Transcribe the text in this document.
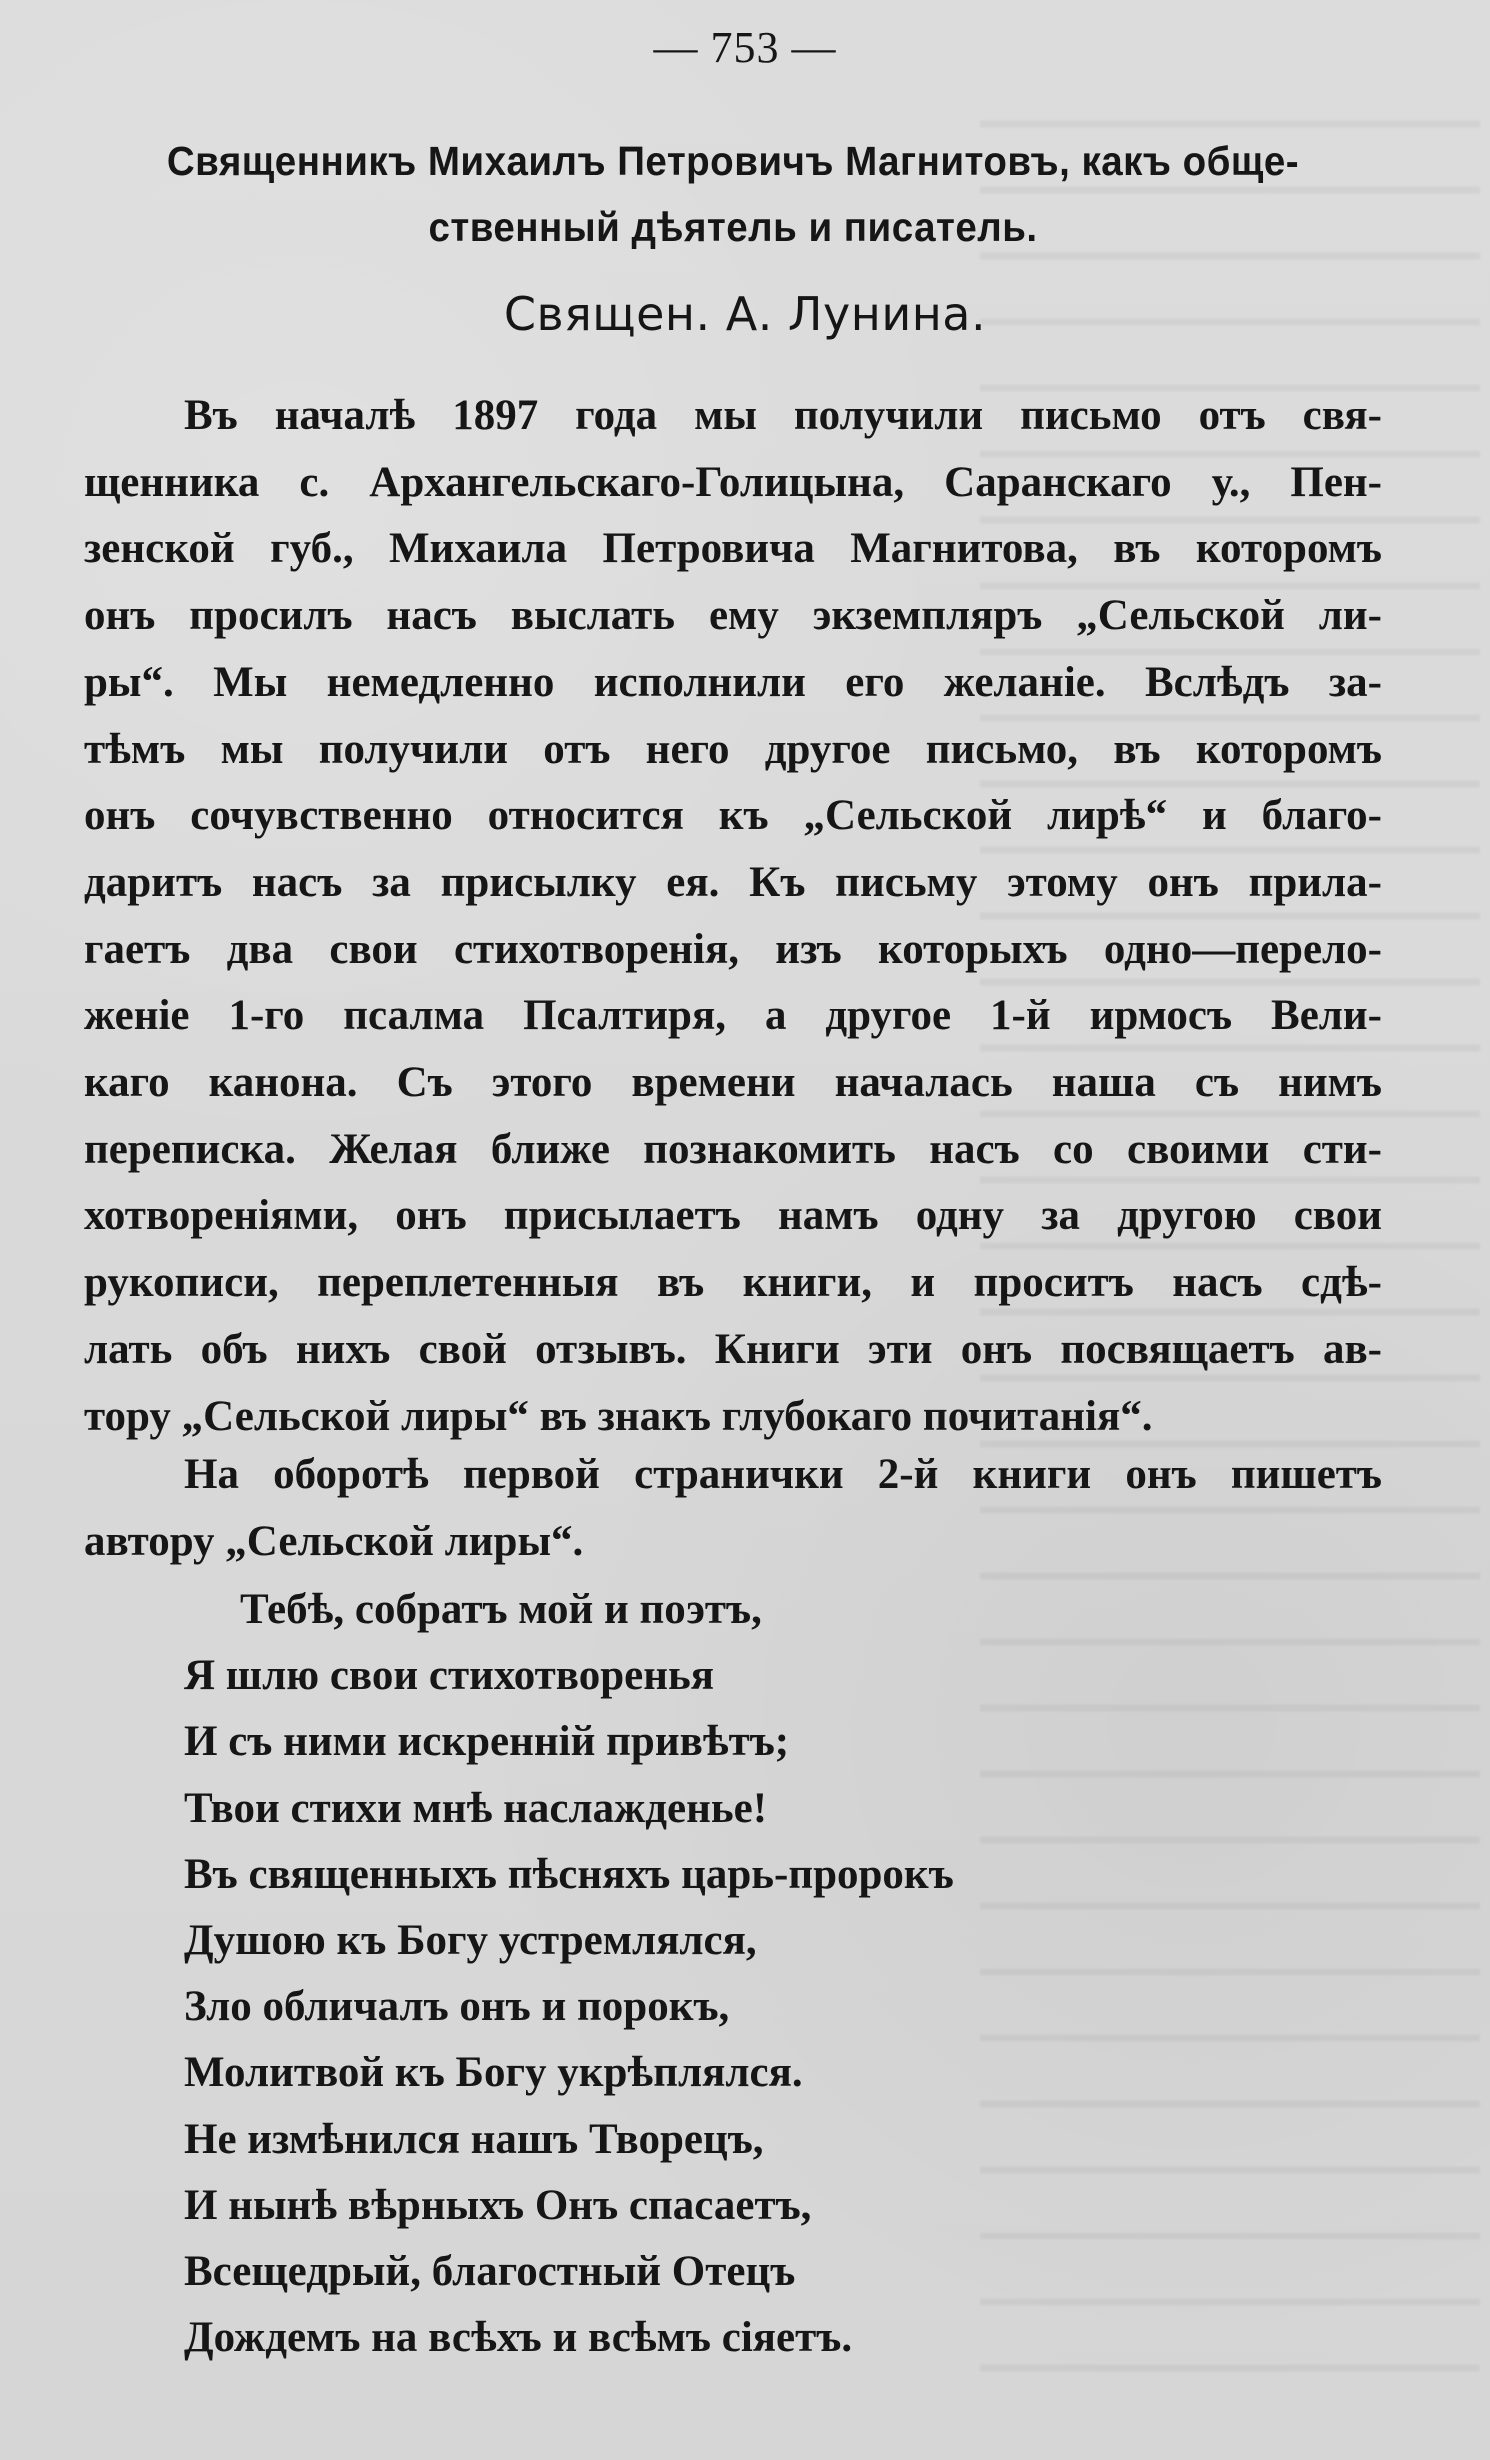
— 753 —
Священникъ Михаилъ Петровичъ Магнитовъ, какъ обще-
ственный дѣятель и писатель.
Священ. А. Лунина.
Въ началѣ 1897 года мы получили письмо отъ свя-
щенника с. Архангельскаго-Голицына, Саранскаго у., Пен-
зенской губ., Михаила Петровича Магнитова, въ которомъ
онъ просилъ насъ выслать ему экземпляръ „Сельской ли-
ры“. Мы немедленно исполнили его желаніе. Вслѣдъ за-
тѣмъ мы получили отъ него другое письмо, въ которомъ
онъ сочувственно относится къ „Сельской лирѣ“ и благо-
даритъ насъ за присылку ея. Къ письму этому онъ прила-
гаетъ два свои стихотворенія, изъ которыхъ одно—перело-
женіе 1-го псалма Псалтиря, а другое 1-й ирмосъ Вели-
каго канона. Съ этого времени началась наша съ нимъ
переписка. Желая ближе познакомить насъ со своими сти-
хотвореніями, онъ присылаетъ намъ одну за другою свои
рукописи, переплетенныя въ книги, и проситъ насъ сдѣ-
лать объ нихъ свой отзывъ. Книги эти онъ посвящаетъ ав-
тору „Сельской лиры“ въ знакъ глубокаго почитанія“.
На оборотѣ первой странички 2-й книги онъ пишетъ
автору „Сельской лиры“.
Тебѣ, собратъ мой и поэтъ,
Я шлю свои стихотворенья
И съ ними искренній привѣтъ;
Твои стихи мнѣ наслажденье!
Въ священныхъ пѣсняхъ царь-пророкъ
Душою къ Богу устремлялся,
Зло обличалъ онъ и порокъ,
Молитвой къ Богу укрѣплялся.
Не измѣнился нашъ Творецъ,
И нынѣ вѣрныхъ Онъ спасаетъ,
Всещедрый, благостный Отецъ
Дождемъ на всѣхъ и всѣмъ сіяетъ.
